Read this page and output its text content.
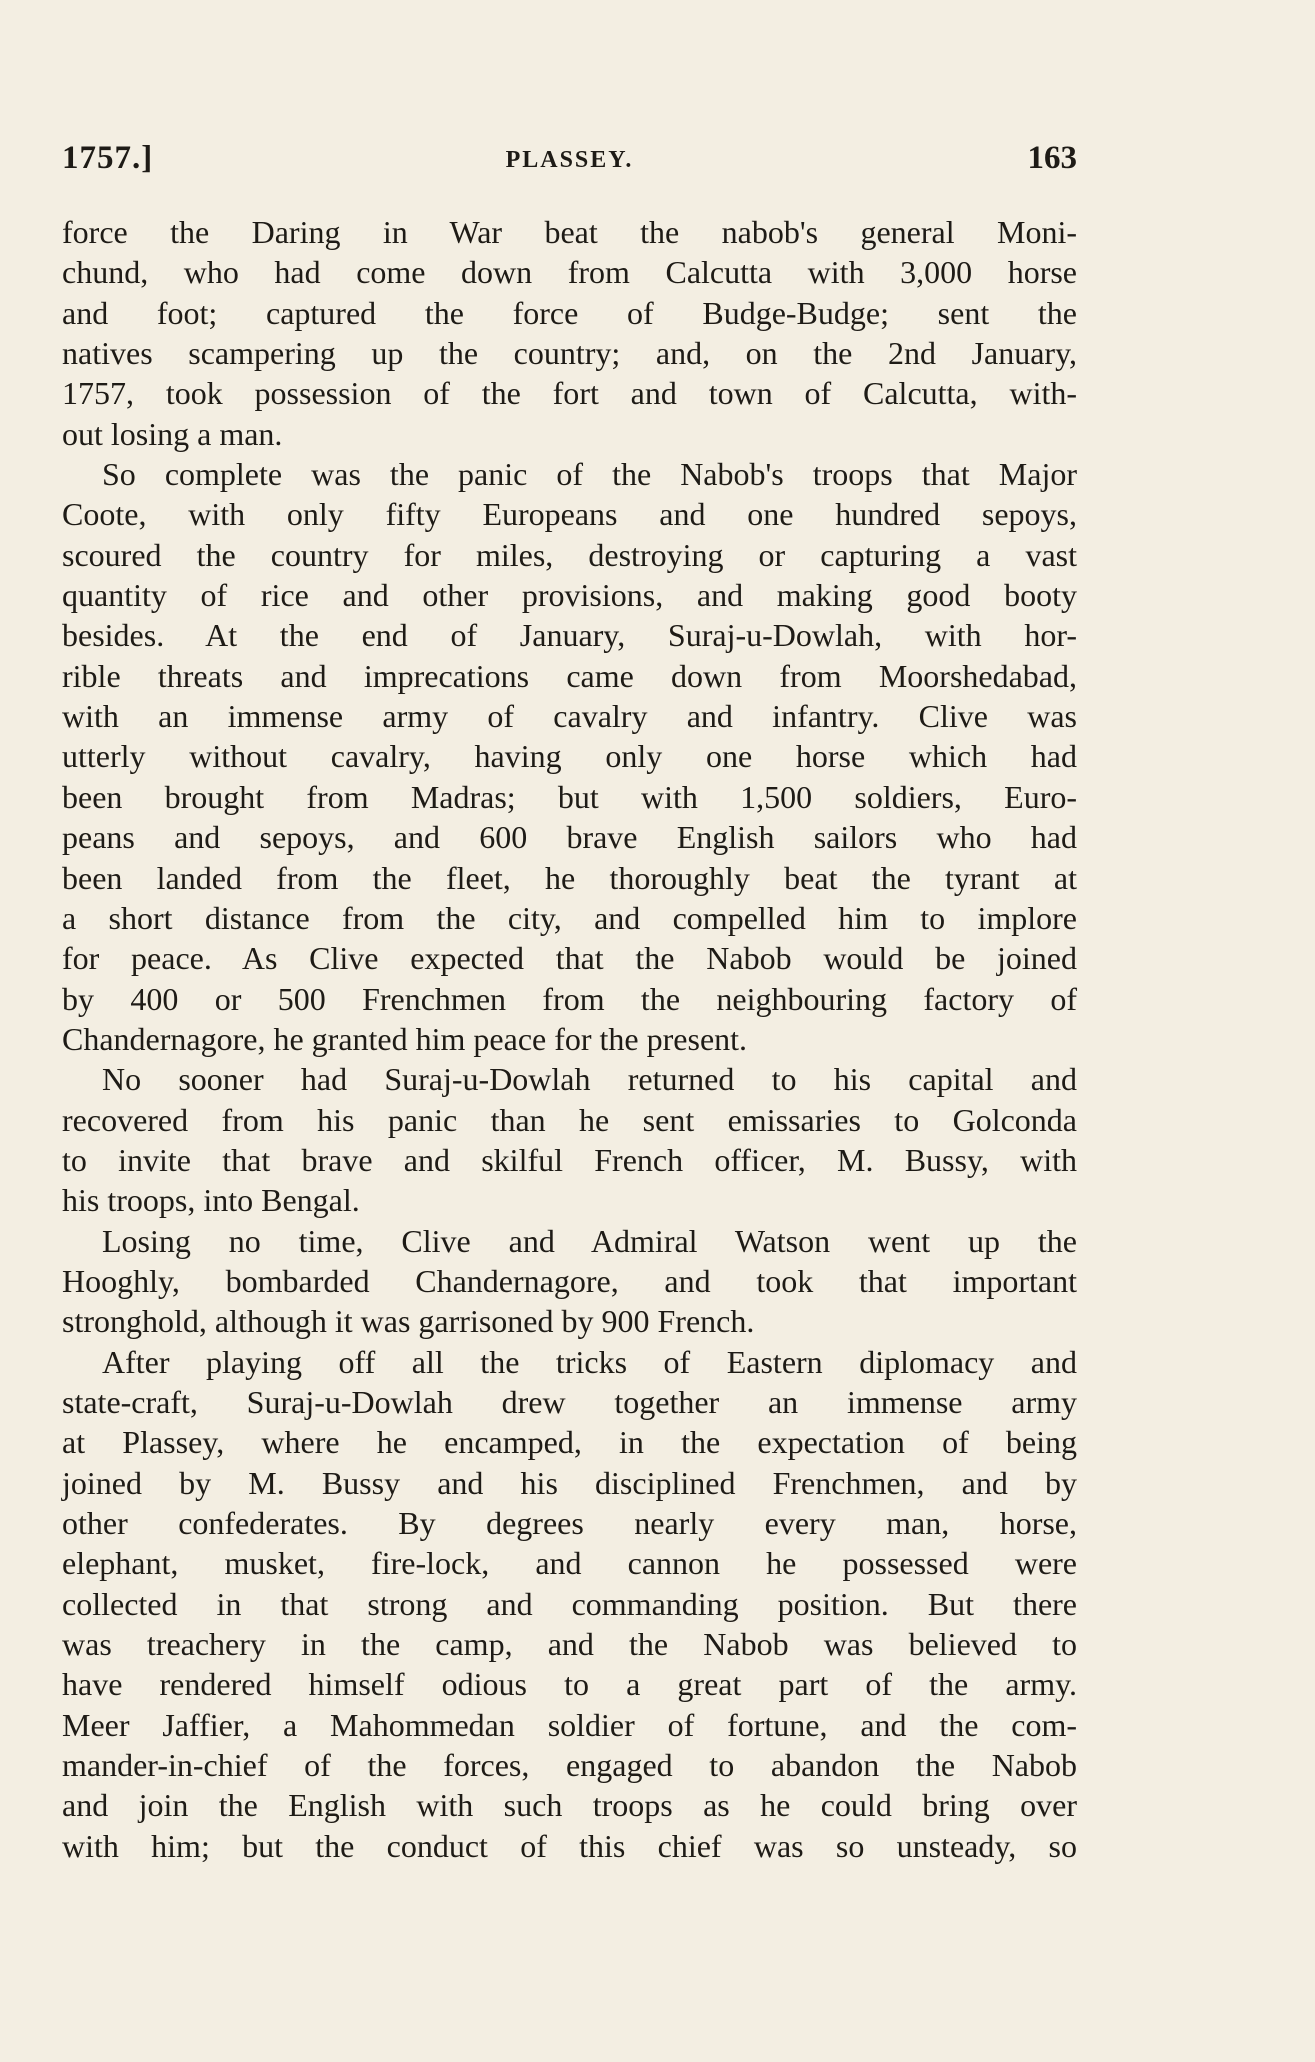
1757.]	PLASSEY.	163
force the Daring in War beat the nabob's general Moni-
chund, who had come down from Calcutta with 3,000 horse
and foot; captured the force of Budge-Budge; sent the
natives scampering up the country; and, on the 2nd January,
1757, took possession of the fort and town of Calcutta, with-
out losing a man.
So complete was the panic of the Nabob's troops that Major
Coote, with only fifty Europeans and one hundred sepoys,
scoured the country for miles, destroying or capturing a vast
quantity of rice and other provisions, and making good booty
besides. At the end of January, Suraj-u-Dowlah, with hor-
rible threats and imprecations came down from Moorshedabad,
with an immense army of cavalry and infantry. Clive was
utterly without cavalry, having only one horse which had
been brought from Madras; but with 1,500 soldiers, Euro-
peans and sepoys, and 600 brave English sailors who had
been landed from the fleet, he thoroughly beat the tyrant at
a short distance from the city, and compelled him to implore
for peace. As Clive expected that the Nabob would be joined
by 400 or 500 Frenchmen from the neighbouring factory of
Chandernagore, he granted him peace for the present.
No sooner had Suraj-u-Dowlah returned to his capital and
recovered from his panic than he sent emissaries to Golconda
to invite that brave and skilful French officer, M. Bussy, with
his troops, into Bengal.
Losing no time, Clive and Admiral Watson went up the
Hooghly, bombarded Chandernagore, and took that important
stronghold, although it was garrisoned by 900 French.
After playing off all the tricks of Eastern diplomacy and
state-craft, Suraj-u-Dowlah drew together an immense army
at Plassey, where he encamped, in the expectation of being
joined by M. Bussy and his disciplined Frenchmen, and by
other confederates. By degrees nearly every man, horse,
elephant, musket, fire-lock, and cannon he possessed were
collected in that strong and commanding position. But there
was treachery in the camp, and the Nabob was believed to
have rendered himself odious to a great part of the army.
Meer Jaffier, a Mahommedan soldier of fortune, and the com-
mander-in-chief of the forces, engaged to abandon the Nabob
and join the English with such troops as he could bring over
with him; but the conduct of this chief was so unsteady, so
